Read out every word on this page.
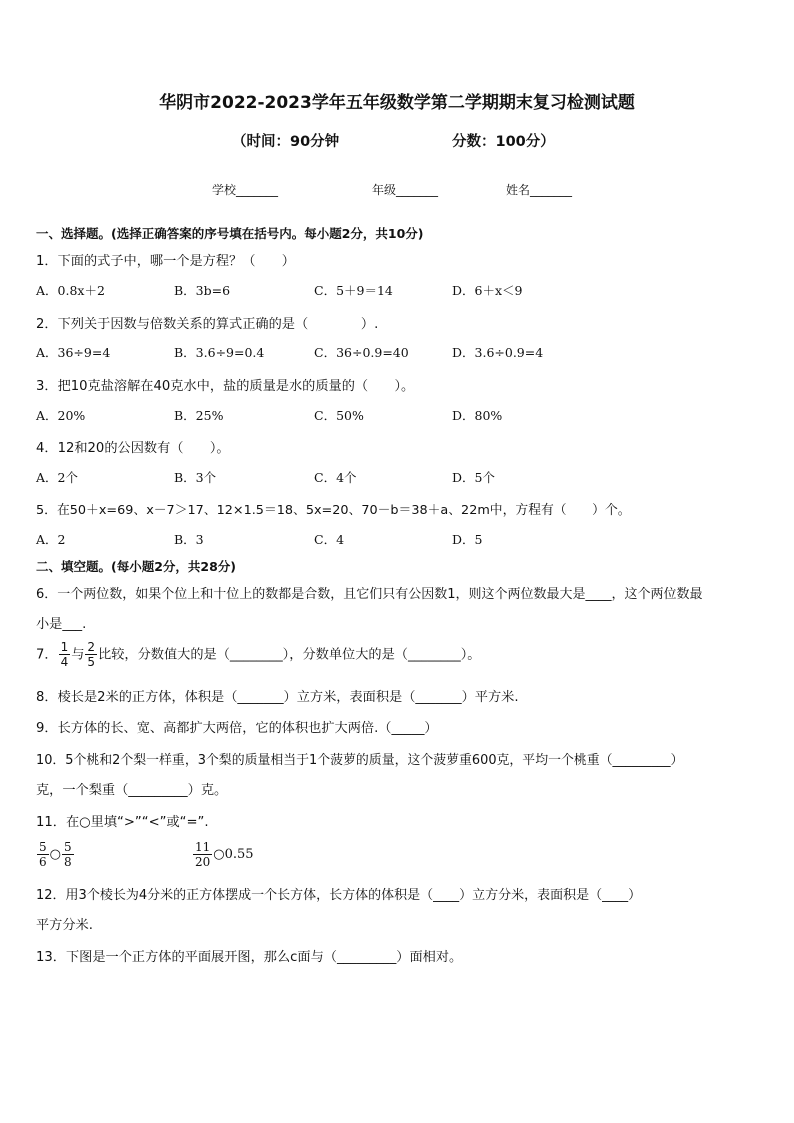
华阴市2022-2023学年五年级数学第二学期期末复习检测试题
（时间：90分钟	分数：100分）
学校_______	年级_______	姓名_______
一、选择题。(选择正确答案的序号填在括号内。每小题2分，共10分)
1．下面的式子中，哪一个是方程？（　　）
A．0.8x＋2	B．3b=6	C．5＋9＝14	D．6＋x＜9
2．下列关于因数与倍数关系的算式正确的是（　　　　）.
A．36÷9=4	B．3.6÷9=0.4	C．36÷0.9=40	D．3.6÷0.9=4
3．把10克盐溶解在40克水中，盐的质量是水的质量的（　　）。
A．20%	B．25%	C．50%	D．80%
4．12和20的公因数有（　　）。
A．2个	B．3个	C．4个	D．5个
5．在50＋x=69、x－7＞17、12×1.5＝18、5x=20、70－b＝38＋a、22m中，方程有（　　）个。
A．2	B．3	C．4	D．5
二、填空题。(每小题2分，共28分)
6．一个两位数，如果个位上和十位上的数都是合数，且它们只有公因数1，则这个两位数最大是____，这个两位数最
小是___.
7． $\frac{1}{4}$ 与 $\frac{2}{5}$ 比较，分数值大的是（________），分数单位大的是（________）。
8．棱长是2米的正方体，体积是（_______）立方米，表面积是（_______）平方米.
9．长方体的长、宽、高都扩大两倍，它的体积也扩大两倍.（_____）
10．5个桃和2个梨一样重，3个梨的质量相当于1个菠萝的质量，这个菠萝重600克，平均一个桃重（_________）
克，一个梨重（_________）克。
11．在○里填“>”“<”或“=”.
$\frac{5}{6}$ ○ $\frac{5}{8}$	$\frac{11}{20}$ ○0.55
12．用3个棱长为4分米的正方体摆成一个长方体，长方体的体积是（____）立方分米，表面积是（____）
平方分米.
13．下图是一个正方体的平面展开图，那么c面与（_________）面相对。
